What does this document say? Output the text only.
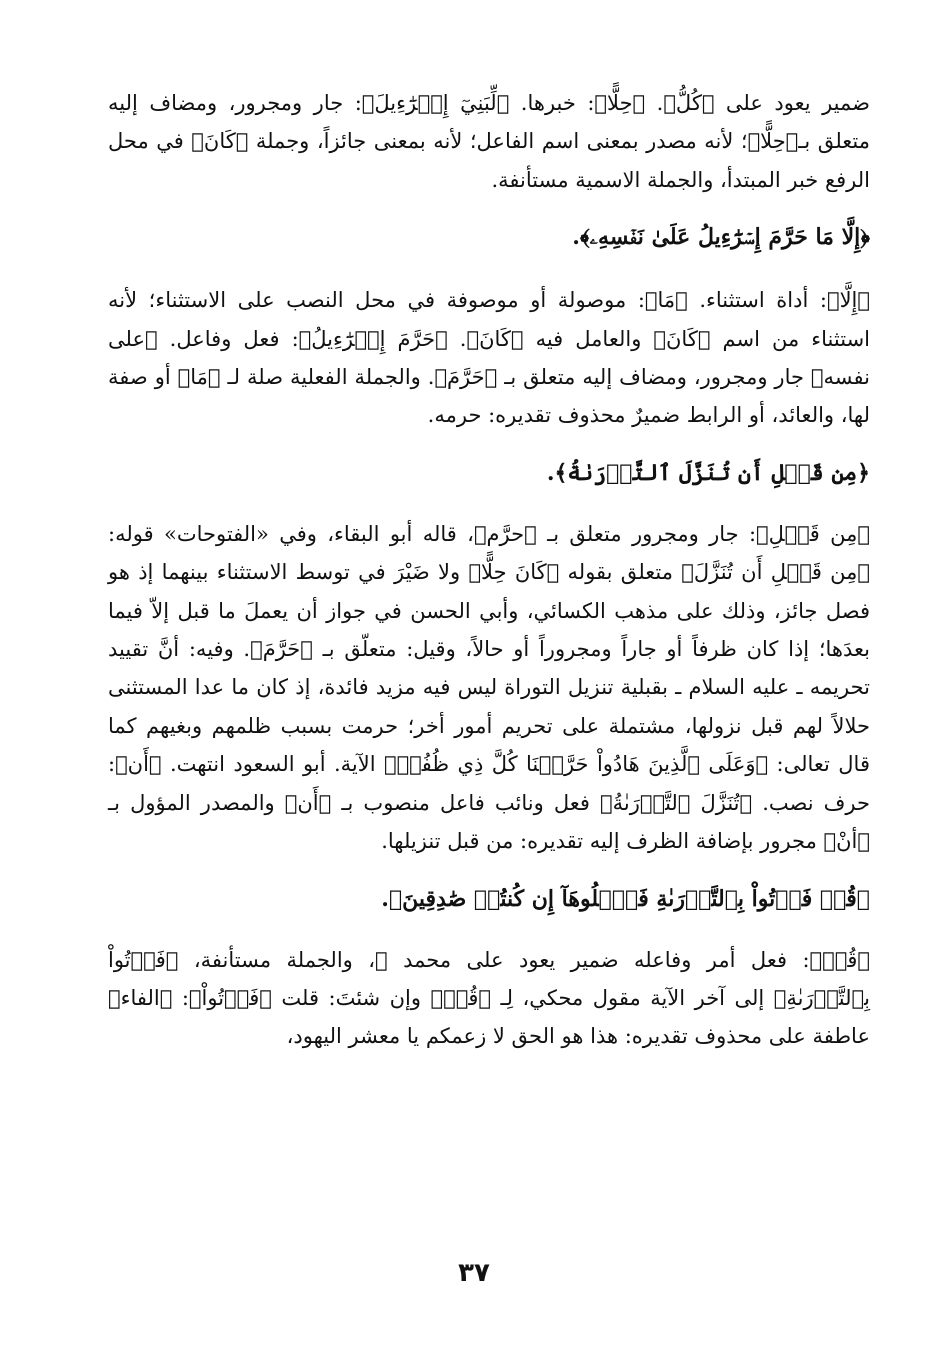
ضمير يعود على ﴿كُلُّ﴾. ﴿حِلًّا﴾: خبرها. ﴿لِّبَنِيٓ إِسۡرَٰٓءِيلَ﴾: جار ومجرور، ومضاف إليه متعلق بـ﴿حِلًّا﴾؛ لأنه مصدر بمعنى اسم الفاعل؛ لأنه بمعنى جائزاً، وجملة ﴿كَانَ﴾ في محل الرفع خبر المبتدأ، والجملة الاسمية مستأنفة.

﴿إِلَّا مَا حَرَّمَ إِسۡرَٰٓءِيلُ عَلَىٰ نَفۡسِهِۦ﴾.

﴿إِلَّا﴾: أداة استثناء. ﴿مَا﴾: موصولة أو موصوفة في محل النصب على الاستثناء؛ لأنه استثناء من اسم ﴿كَانَ﴾ والعامل فيه ﴿كَانَ﴾. ﴿حَرَّمَ إِسۡرَٰٓءِيلُ﴾: فعل وفاعل. ﴿على نفسه﴾ جار ومجرور، ومضاف إليه متعلق بـ ﴿حَرَّمَ﴾. والجملة الفعلية صلة لـ ﴿مَا﴾ أو صفة لها، والعائد، أو الرابط ضميرٌ محذوف تقديره: حرمه.

﴿مِن قَبۡلِ أَن تُنَزَّلَ ٱلتَّوۡرَىٰةُ﴾.

﴿مِن قَبۡلِ﴾: جار ومجرور متعلق بـ ﴿حرَّم﴾، قاله أبو البقاء، وفي «الفتوحات» قوله: ﴿مِن قَبۡلِ أَن تُنَزَّلَ﴾ متعلق بقوله ﴿كَانَ حِلًّا﴾ ولا ضَيْرَ في توسط الاستثناء بينهما إذ هو فصل جائز، وذلك على مذهب الكسائي، وأبي الحسن في جواز أن يعملَ ما قبل إلاّ فيما بعدَها؛ إذا كان ظرفاً أو جاراً ومجروراً أو حالاً، وقيل: متعلّق بـ ﴿حَرَّمَ﴾. وفيه: أنَّ تقييد تحريمه ـ عليه السلام ـ بقبلية تنزيل التوراة ليس فيه مزيد فائدة، إذ كان ما عدا المستثنى حلالاً لهم قبل نزولها، مشتملة على تحريم أمور أخر؛ حرمت بسبب ظلمهم وبغيهم كما قال تعالى: ﴿وَعَلَى ٱلَّذِينَ هَادُواْ حَرَّمۡنَا كُلَّ ذِي ظُفُرٖ﴾ الآية. أبو السعود انتهت. ﴿أَن﴾: حرف نصب. ﴿تُنَزَّلَ ٱلتَّوۡرَىٰةُ﴾ فعل ونائب فاعل منصوب بـ ﴿أَن﴾ والمصدر المؤول بـ ﴿أنْ﴾ مجرور بإضافة الظرف إليه تقديره: من قبل تنزيلها.

﴿قُلۡ فَأۡتُواْ بِٱلتَّوۡرَىٰةِ فَٱتۡلُوهَآ إِن كُنتُمۡ صَٰدِقِينَ﴾.

﴿قُلۡ﴾: فعل أمر وفاعله ضمير يعود على محمد ﷺ، والجملة مستأنفة، ﴿فَأۡتُواْ بِٱلتَّوۡرَىٰةِ﴾ إلى آخر الآية مقول محكي، لِـ ﴿قُلۡ﴾ وإن شئتَ: قلت ﴿فَأۡتُواْ﴾: ﴿الفاء﴾ عاطفة على محذوف تقديره: هذا هو الحق لا زعمكم يا معشر اليهود،

٣٧
